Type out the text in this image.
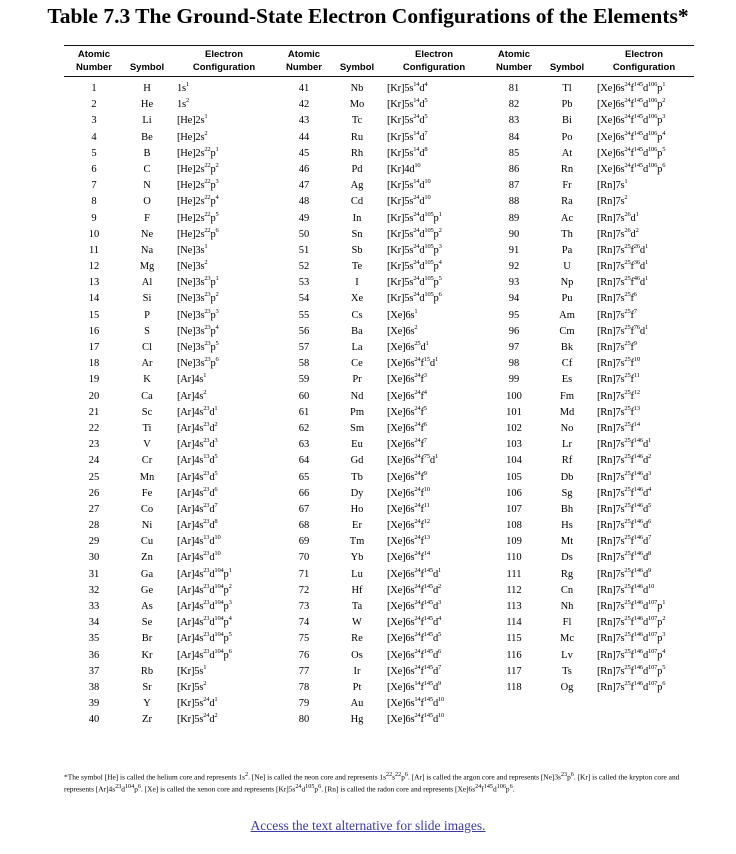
Table 7.3 The Ground-State Electron Configurations of the Elements*
Atomic
Number	Symbol
Electron
Configuration
1	H	$1s^1$
2	He	$1s^2$
3	Li	$[He]2s^1$
4	Be	$[He]2s^2$
5	B	$[He]2s^{22}p^1$
6	C	$[He]2s^{22}p^2$
7	N	$[He]2s^{22}p^3$
8	O	$[He]2s^{22}p^4$
9	F	$[He]2s^{22}p^5$
10	Ne	$[He]2s^{22}p^6$
11	Na	$[Ne]3s^1$
12	Mg	$[Ne]3s^2$
13	Al	$[Ne]3s^{23}p^1$
14	Si	$[Ne]3s^{23}p^2$
15	P	$[Ne]3s^{23}p^3$
16	S	$[Ne]3s^{23}p^4$
17	Cl	$[Ne]3s^{23}p^5$
18	Ar	$[Ne]3s^{23}p^6$
19	K	$[Ar]4s^1$
20	Ca	$[Ar]4s^2$
21	Sc	$[Ar]4s^{23}d^1$
22	Ti	$[Ar]4s^{23}d^2$
23	V	$[Ar]4s^{23}d^3$
24	Cr	$[Ar]4s^{13}d^5$
25	Mn	$[Ar]4s^{23}d^5$
26	Fe	$[Ar]4s^{23}d^6$
27	Co	$[Ar]4s^{23}d^7$
28	Ni	$[Ar]4s^{23}d^8$
29	Cu	$[Ar]4s^{13}d^{10}$
30	Zn	$[Ar]4s^{23}d^{10}$
31	Ga	$[Ar]4s^{23}d^{104}p^1$
32	Ge	$[Ar]4s^{23}d^{104}p^2$
33	As	$[Ar]4s^{23}d^{104}p^3$
34	Se	$[Ar]4s^{23}d^{104}p^4$
35	Br	$[Ar]4s^{23}d^{104}p^5$
36	Kr	$[Ar]4s^{23}d^{104}p^6$
37	Rb	$[Kr]5s^1$
38	Sr	$[Kr]5s^2$
39	Y	$[Kr]5s^{24}d^1$
40	Zr	$[Kr]5s^{24}d^2$
Atomic
Number	Symbol
Electron
Configuration
41	Nb	$[Kr]5s^{14}d^4$
42	Mo	$[Kr]5s^{14}d^5$
43	Tc	$[Kr]5s^{24}d^5$
44	Ru	$[Kr]5s^{14}d^7$
45	Rh	$[Kr]5s^{14}d^8$
46	Pd	$[Kr]4d^{10}$
47	Ag	$[Kr]5s^{14}d^{10}$
48	Cd	$[Kr]5s^{24}d^{10}$
49	In	$[Kr]5s^{24}d^{105}p^1$
50	Sn	$[Kr]5s^{24}d^{105}p^2$
51	Sb	$[Kr]5s^{24}d^{105}p^3$
52	Te	$[Kr]5s^{24}d^{105}p^4$
53	I	$[Kr]5s^{24}d^{105}p^5$
54	Xe	$[Kr]5s^{24}d^{105}p^6$
55	Cs	$[Xe]6s^1$
56	Ba	$[Xe]6s^2$
57	La	$[Xe]6s^{25}d^1$
58	Ce	$[Xe]6s^{24}f^{15}d^1$
59	Pr	$[Xe]6s^{24}f^3$
60	Nd	$[Xe]6s^{24}f^4$
61	Pm	$[Xe]6s^{24}f^5$
62	Sm	$[Xe]6s^{24}f^6$
63	Eu	$[Xe]6s^{24}f^7$
64	Gd	$[Xe]6s^{24}f^{75}d^1$
65	Tb	$[Xe]6s^{24}f^9$
66	Dy	$[Xe]6s^{24}f^{10}$
67	Ho	$[Xe]6s^{24}f^{11}$
68	Er	$[Xe]6s^{24}f^{12}$
69	Tm	$[Xe]6s^{24}f^{13}$
70	Yb	$[Xe]6s^{24}f^{14}$
71	Lu	$[Xe]6s^{24}f^{145}d^1$
72	Hf	$[Xe]6s^{24}f^{145}d^2$
73	Ta	$[Xe]6s^{24}f^{145}d^3$
74	W	$[Xe]6s^{24}f^{145}d^4$
75	Re	$[Xe]6s^{24}f^{145}d^5$
76	Os	$[Xe]6s^{24}f^{145}d^6$
77	Ir	$[Xe]6s^{24}f^{145}d^7$
78	Pt	$[Xe]6s^{14}f^{145}d^9$
79	Au	$[Xe]6s^{14}f^{145}d^{10}$
80	Hg	$[Xe]6s^{24}f^{145}d^{10}$
Atomic
Number	Symbol
Electron
Configuration
81	Tl	$[Xe]6s^{24}f^{145}d^{106}p^1$
82	Pb	$[Xe]6s^{24}f^{145}d^{106}p^2$
83	Bi	$[Xe]6s^{24}f^{145}d^{106}p^3$
84	Po	$[Xe]6s^{24}f^{145}d^{106}p^4$
85	At	$[Xe]6s^{24}f^{145}d^{106}p^5$
86	Rn	$[Xe]6s^{24}f^{145}d^{106}p^6$
87	Fr	$[Rn]7s^1$
88	Ra	$[Rn]7s^2$
89	Ac	$[Rn]7s^{26}d^1$
90	Th	$[Rn]7s^{26}d^2$
91	Pa	$[Rn]7s^{25}f^{26}d^1$
92	U	$[Rn]7s^{25}f^{36}d^1$
93	Np	$[Rn]7s^{25}f^{46}d^1$
94	Pu	$[Rn]7s^{25}f^6$
95	Am	$[Rn]7s^{25}f^7$
96	Cm	$[Rn]7s^{25}f^{76}d^1$
97	Bk	$[Rn]7s^{25}f^9$
98	Cf	$[Rn]7s^{25}f^{10}$
99	Es	$[Rn]7s^{25}f^{11}$
100	Fm	$[Rn]7s^{25}f^{12}$
101	Md	$[Rn]7s^{25}f^{13}$
102	No	$[Rn]7s^{25}f^{14}$
103	Lr	$[Rn]7s^{25}f^{146}d^1$
104	Rf	$[Rn]7s^{25}f^{146}d^2$
105	Db	$[Rn]7s^{25}f^{146}d^3$
106	Sg	$[Rn]7s^{25}f^{146}d^4$
107	Bh	$[Rn]7s^{25}f^{146}d^5$
108	Hs	$[Rn]7s^{25}f^{146}d^6$
109	Mt	$[Rn]7s^{25}f^{146}d^7$
110	Ds	$[Rn]7s^{25}f^{146}d^8$
111	Rg	$[Rn]7s^{25}f^{146}d^9$
112	Cn	$[Rn]7s^{25}f^{146}d^{10}$
113	Nh	$[Rn]7s^{25}f^{146}d^{107}p^1$
114	Fl	$[Rn]7s^{25}f^{146}d^{107}p^2$
115	Mc	$[Rn]7s^{25}f^{146}d^{107}p^3$
116	Lv	$[Rn]7s^{25}f^{146}d^{107}p^4$
117	Ts	$[Rn]7s^{25}f^{146}d^{107}p^5$
118	Og	$[Rn]7s^{25}f^{146}d^{107}p^6$
*The symbol [He] is called the helium core and represents $1s^2$. [Ne] is called the neon core and represents $1s^{22}s^{22}p^6$. [Ar] is called the argon core and represents $[Ne]3s^{23}p^6$. [Kr] is called the krypton core and represents $[Ar]4s^{23}d^{104}p^6$. [Xe] is called the xenon core and represents $[Kr]5s^{24}d^{105}p^6$. [Rn] is called the radon core and represents $[Xe]6s^{24}f^{145}d^{106}p^6$.
Access the text alternative for slide images.
